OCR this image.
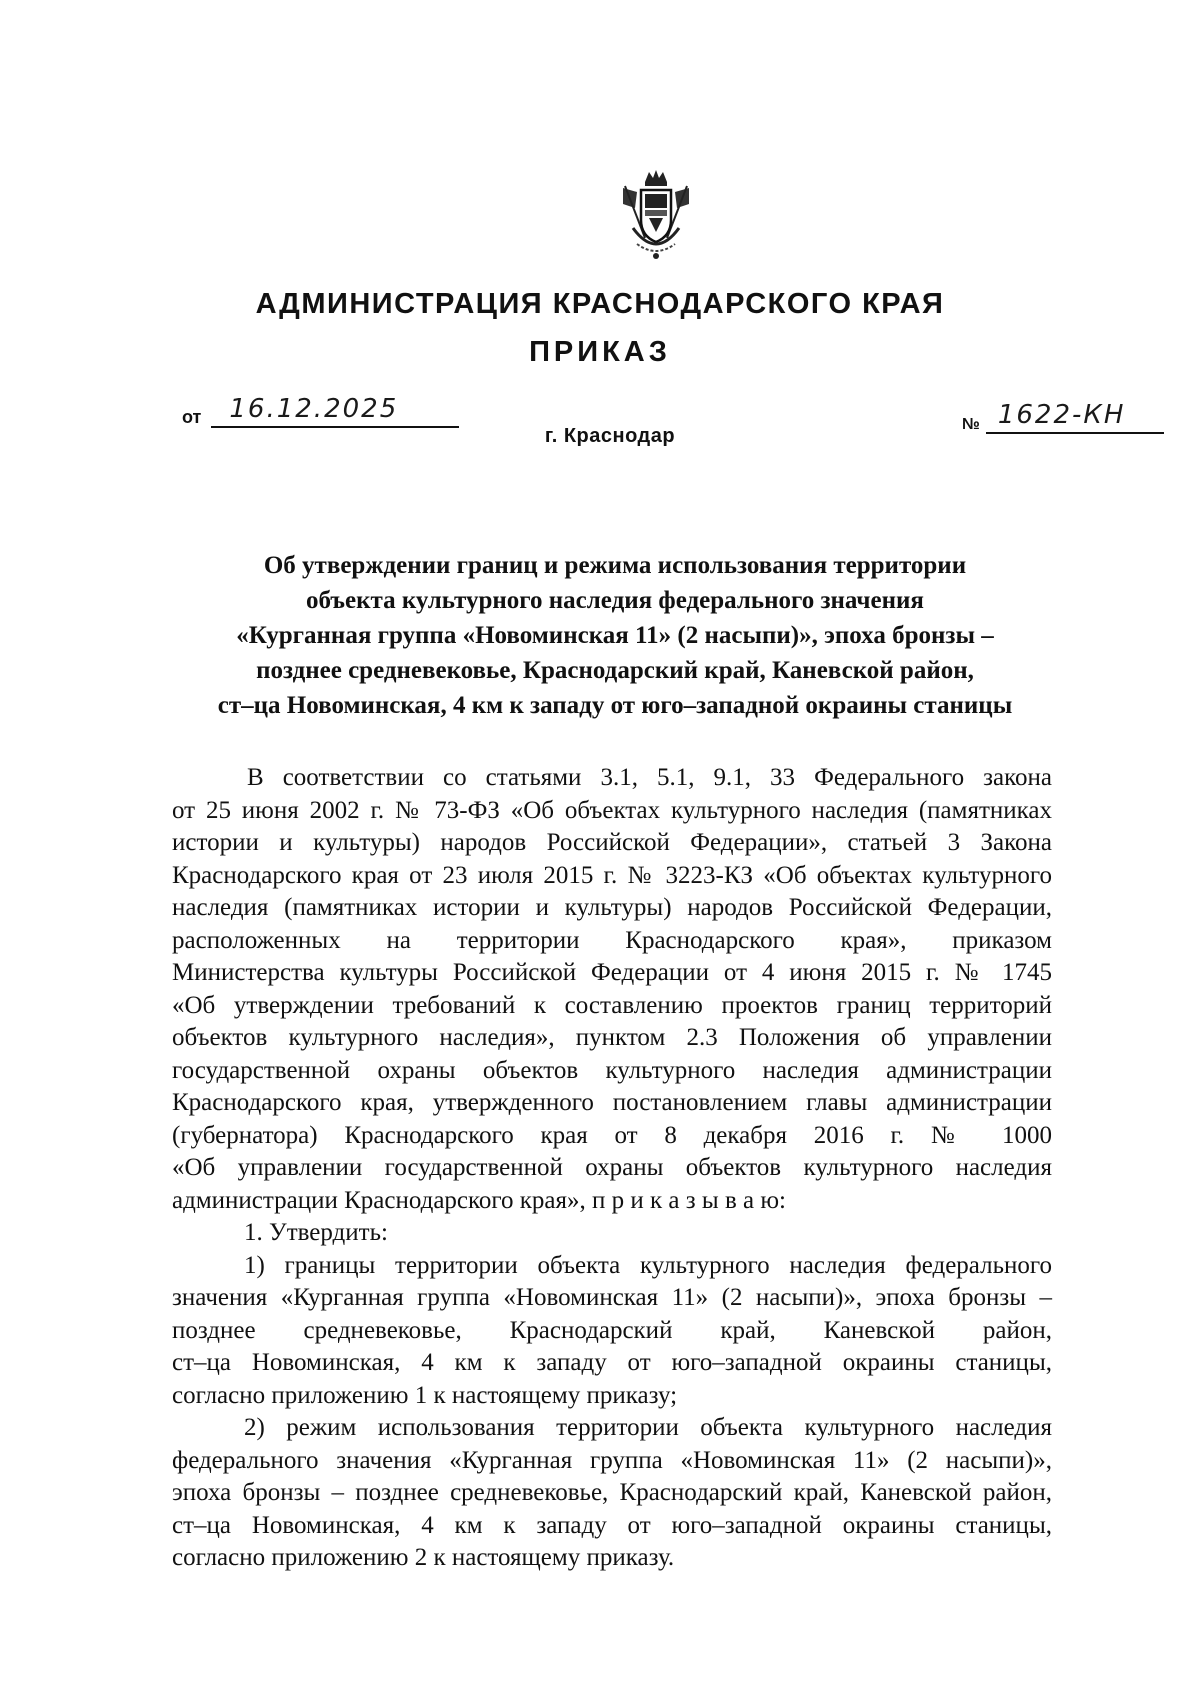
АДМИНИСТРАЦИЯ КРАСНОДАРСКОГО КРАЯ
ПРИКАЗ
от 16.12.2025
№ 1622-КН
г. Краснодар
Об утверждении границ и режима использования территории
объекта культурного наследия федерального значения
«Курганная группа «Новоминская 11» (2 насыпи)», эпоха бронзы –
позднее средневековье, Краснодарский край, Каневской район,
ст–ца Новоминская, 4 км к западу от юго–западной окраины станицы
В соответствии со статьями 3.1, 5.1, 9.1, 33 Федерального закона
от 25 июня 2002 г. № 73-ФЗ «Об объектах культурного наследия (памятниках
истории и культуры) народов Российской Федерации», статьей 3 Закона
Краснодарского края от 23 июля 2015 г. № 3223-КЗ «Об объектах культурного
наследия (памятниках истории и культуры) народов Российской Федерации,
расположенных на территории Краснодарского края», приказом
Министерства культуры Российской Федерации от 4 июня 2015 г. № 1745
«Об утверждении требований к составлению проектов границ территорий
объектов культурного наследия», пунктом 2.3 Положения об управлении
государственной охраны объектов культурного наследия администрации
Краснодарского края, утвержденного постановлением главы администрации
(губернатора) Краснодарского края от 8 декабря 2016 г. № 1000
«Об управлении государственной охраны объектов культурного наследия
администрации Краснодарского края», п р и к а з ы в а ю:
1. Утвердить:
1) границы территории объекта культурного наследия федерального
значения «Курганная группа «Новоминская 11» (2 насыпи)», эпоха бронзы –
позднее средневековье, Краснодарский край, Каневской район,
ст–ца Новоминская, 4 км к западу от юго–западной окраины станицы,
согласно приложению 1 к настоящему приказу;
2) режим использования территории объекта культурного наследия
федерального значения «Курганная группа «Новоминская 11» (2 насыпи)»,
эпоха бронзы – позднее средневековье, Краснодарский край, Каневской район,
ст–ца Новоминская, 4 км к западу от юго–западной окраины станицы,
согласно приложению 2 к настоящему приказу.
